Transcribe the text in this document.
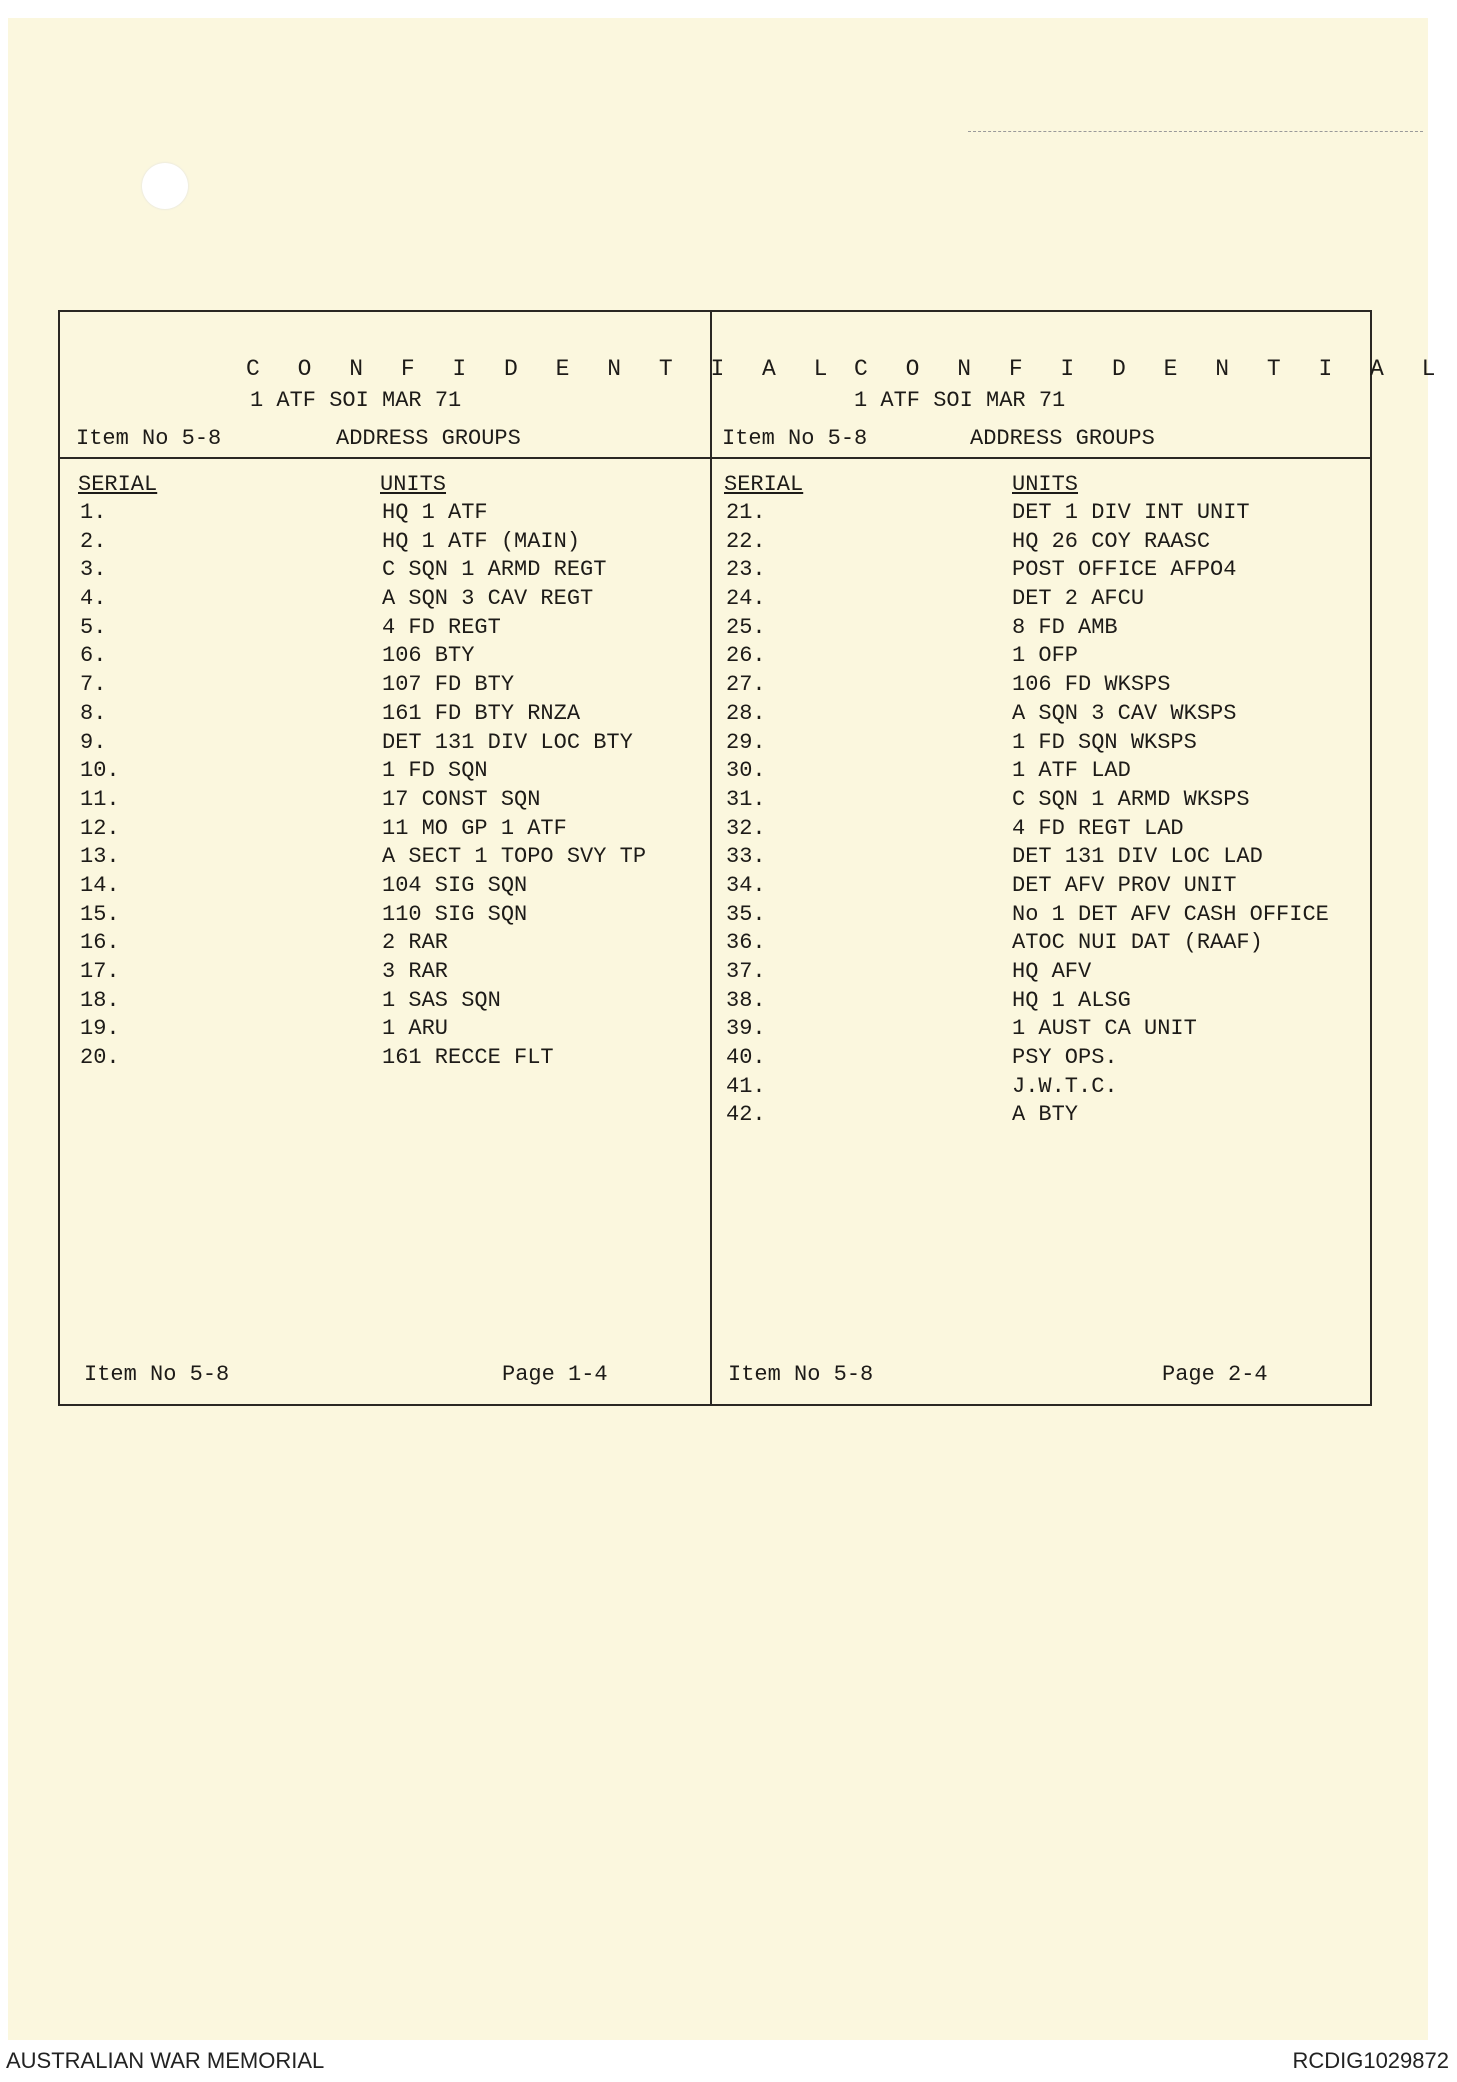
C O N F I D E N T I A L
1 ATF SOI MAR 71
Item No 5-8	ADDRESS GROUPS
SERIAL	UNITS
1.	HQ 1 ATF
2.	HQ 1 ATF (MAIN)
3.	C SQN 1 ARMD REGT
4.	A SQN 3 CAV REGT
5.	4 FD REGT
6.	106 BTY
7.	107 FD BTY
8.	161 FD BTY RNZA
9.	DET 131 DIV LOC BTY
10.	1 FD SQN
11.	17 CONST SQN
12.	11 MO GP 1 ATF
13.	A SECT 1 TOPO SVY TP
14.	104 SIG SQN
15.	110 SIG SQN
16.	2 RAR
17.	3 RAR
18.	1 SAS SQN
19.	1 ARU
20.	161 RECCE FLT
Item No 5-8	Page 1-4
C O N F I D E N T I A L
1 ATF SOI MAR 71
Item No 5-8	ADDRESS GROUPS
SERIAL	UNITS
21.	DET 1 DIV INT UNIT
22.	HQ 26 COY RAASC
23.	POST OFFICE AFPO4
24.	DET 2 AFCU
25.	8 FD AMB
26.	1 OFP
27.	106 FD WKSPS
28.	A SQN 3 CAV WKSPS
29.	1 FD SQN WKSPS
30.	1 ATF LAD
31.	C SQN 1 ARMD WKSPS
32.	4 FD REGT LAD
33.	DET 131 DIV LOC LAD
34.	DET AFV PROV UNIT
35.	No 1 DET AFV CASH OFFICE
36.	ATOC NUI DAT (RAAF)
37.	HQ AFV
38.	HQ 1 ALSG
39.	1 AUST CA UNIT
40.	PSY OPS.
41.	J.W.T.C.
42.	A BTY
Item No 5-8	Page 2-4
AUSTRALIAN WAR MEMORIAL	RCDIG1029872
